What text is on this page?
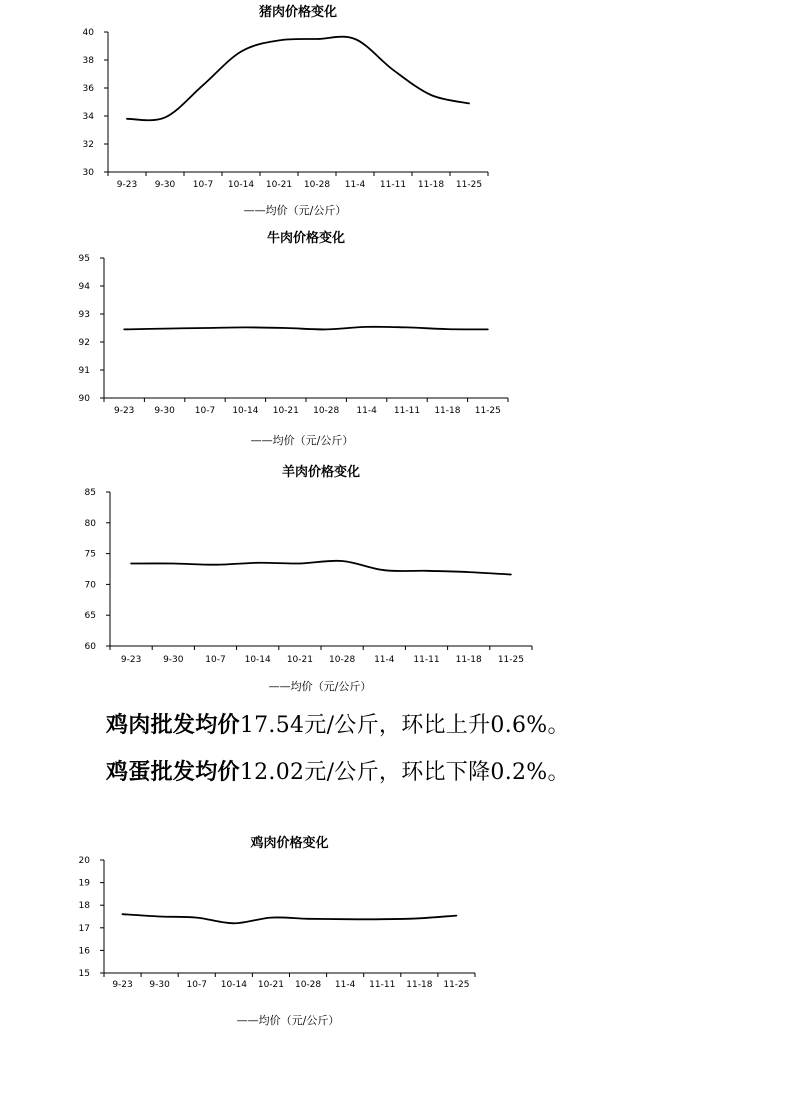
猪肉价格变化
30
32
34
36
38
40
9-23 9-30 10-7 10-14 10-21 10-28 11-4 11-11 11-18 11-25
——均价（元/公斤）
牛肉价格变化
90
91
92
93
94
95
9-23 9-30 10-7 10-14 10-21 10-28 11-4 11-11 11-18 11-25
——均价（元/公斤）
羊肉价格变化
60
65
70
75
80
85
9-23 9-30 10-7 10-14 10-21 10-28 11-4 11-11 11-18 11-25
——均价（元/公斤）
鸡肉批发均价17.54元/公斤，环比上升0.6%。
鸡蛋批发均价12.02元/公斤，环比下降0.2%。
鸡肉价格变化
15
16
17
18
19
20
9-23 9-30 10-7 10-14 10-21 10-28 11-4 11-11 11-18 11-25
——均价（元/公斤）
